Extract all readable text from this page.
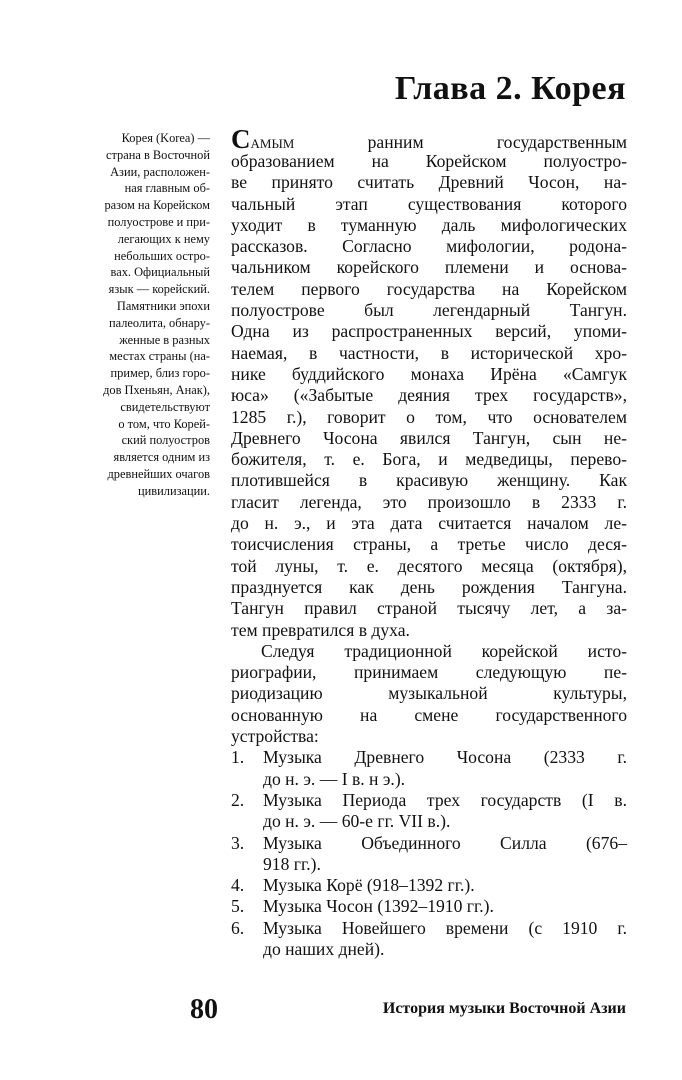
Глава 2. Корея
Корея (Korea) —
страна в Восточной
Азии, расположен-
ная главным об-
разом на Корейском
полуострове и при-
легающих к нему
небольших остро-
вах. Официальный
язык — корейский.
Памятники эпохи
палеолита, обнару-
женные в разных
местах страны (на-
пример, близ горо-
дов Пхеньян, Анак),
свидетельствуют
о том, что Корей-
ский полуостров
является одним из
древнейших очагов
цивилизации.
Самым ранним государственным
образованием на Корейском полуостро-
ве принято считать Древний Чосон, на-
чальный этап существования которого
уходит в туманную даль мифологических
рассказов. Согласно мифологии, родона-
чальником корейского племени и основа-
телем первого государства на Корейском
полуострове был легендарный Тангун.
Одна из распространенных версий, упоми-
наемая, в частности, в исторической хро-
нике буддийского монаха Ирёна «Самгук
юса» («Забытые деяния трех государств»,
1285 г.), говорит о том, что основателем
Древнего Чосона явился Тангун, сын не-
божителя, т. е. Бога, и медведицы, перево-
плотившейся в красивую женщину. Как
гласит легенда, это произошло в 2333 г.
до н. э., и эта дата считается началом ле-
тоисчисления страны, а третье число деся-
той луны, т. е. десятого месяца (октября),
празднуется как день рождения Тангуна.
Тангун правил страной тысячу лет, а за-
тем превратился в духа.
Следуя традиционной корейской исто-
риографии, принимаем следующую пе-
риодизацию музыкальной культуры,
основанную на смене государственного
устройства:
1.	Музыка Древнего Чосона (2333 г.
до н. э. — I в. н э.).
2.	Музыка Периода трех государств (I в.
до н. э. — 60-е гг. VII в.).
3.	Музыка Объединного Силла (676–
918 гг.).
4.	Музыка Корё (918–1392 гг.).
5.	Музыка Чосон (1392–1910 гг.).
6.	Музыка Новейшего времени (с 1910 г.
до наших дней).
80	История музыки Восточной Азии
